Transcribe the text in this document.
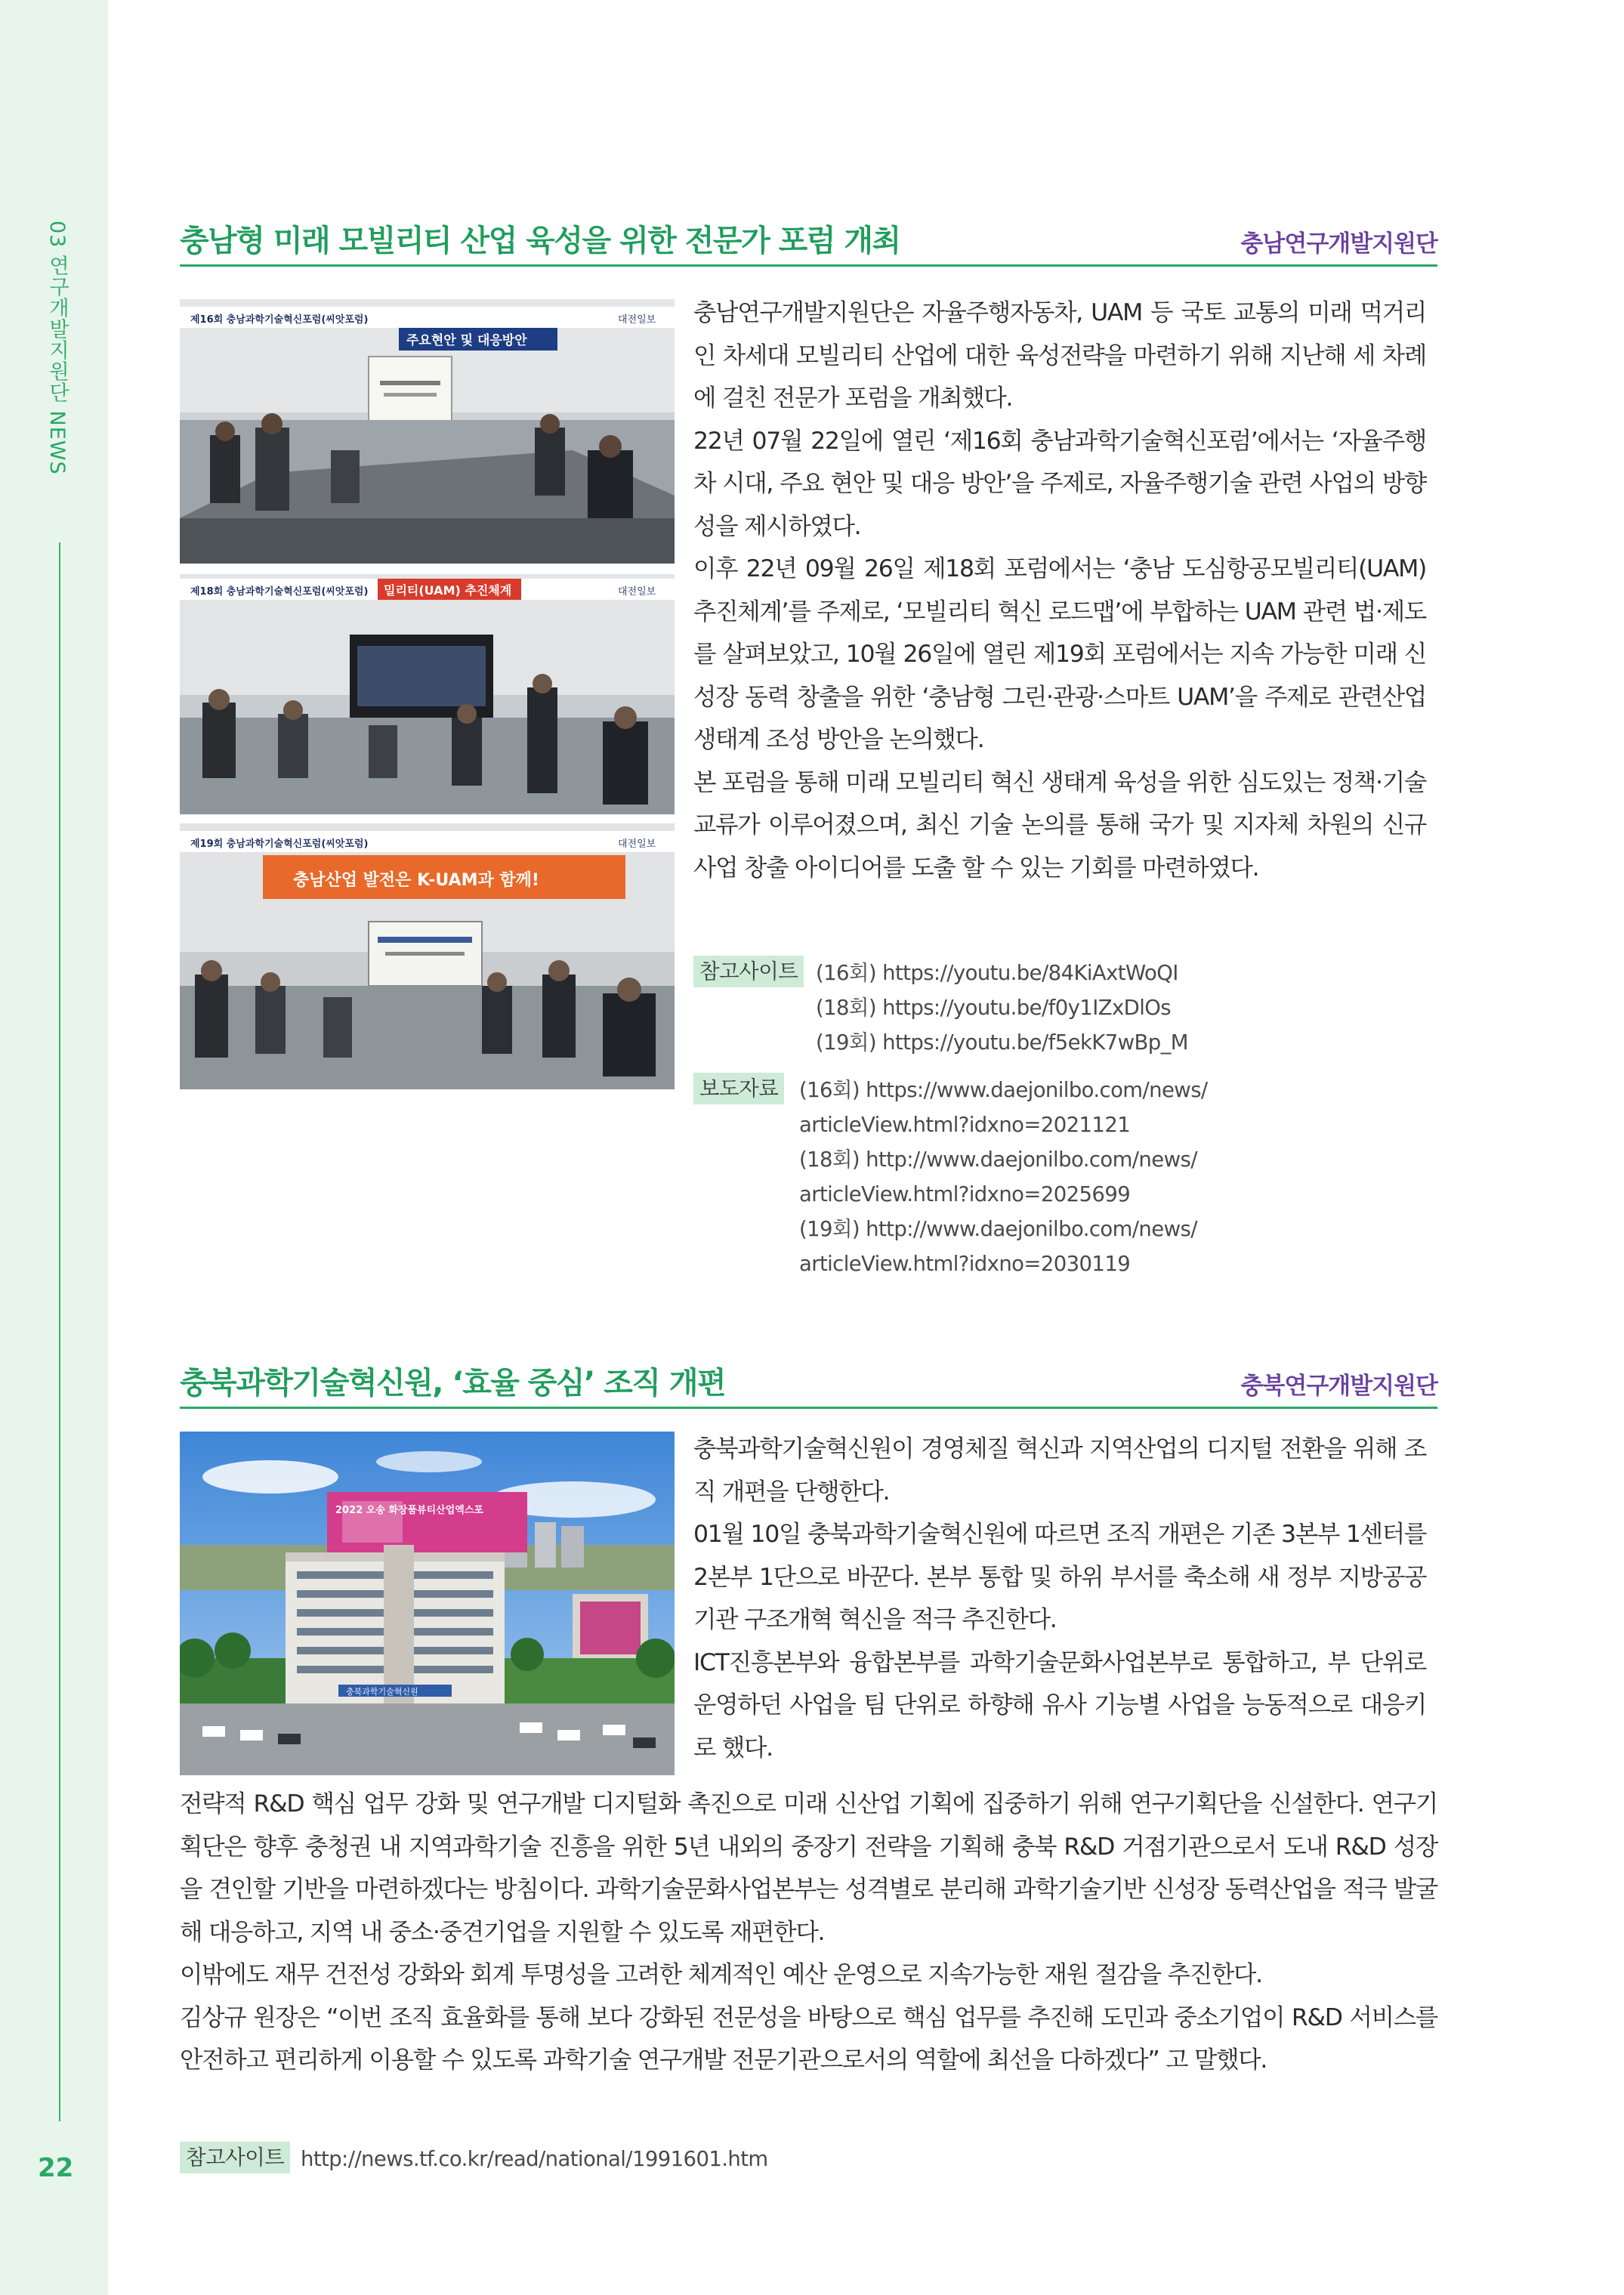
03 연구개발지원단 NEWS
22
충남형 미래 모빌리티 산업 육성을 위한 전문가 포럼 개최	충남연구개발지원단
제16회 충남과학기술혁신포럼(씨앗포럼)
주요현안 및 대응방안
대전일보
제18회 충남과학기술혁신포럼(씨앗포럼) 밀리티(UAM) 추진체계	대전일보
제19회 충남과학기술혁신포럼(씨앗포럼)	대전일보
충남산업 발전은 K-UAM과 함께!

충남연구개발지원단은 자율주행자동차, UAM 등 국토 교통의 미래 먹거리인 차세대 모빌리티 산업에 대한 육성전략을 마련하기 위해 지난해 세 차례에 걸친 전문가 포럼을 개최했다.

22년 07월 22일에 열린 ‘제16회 충남과학기술혁신포럼’에서는 ‘자율주행차 시대, 주요 현안 및 대응 방안’을 주제로, 자율주행기술 관련 사업의 방향성을 제시하였다.

이후 22년 09월 26일 제18회 포럼에서는 ‘충남 도심항공모빌리티(UAM) 추진체계’를 주제로, ‘모빌리티 혁신 로드맵’에 부합하는 UAM 관련 법·제도를 살펴보았고, 10월 26일에 열린 제19회 포럼에서는 지속 가능한 미래 신성장 동력 창출을 위한 ‘충남형 그린·관광·스마트 UAM’을 주제로 관련산업 생태계 조성 방안을 논의했다.

본 포럼을 통해 미래 모빌리티 혁신 생태계 육성을 위한 심도있는 정책·기술 교류가 이루어졌으며, 최신 기술 논의를 통해 국가 및 지자체 차원의 신규 사업 창출 아이디어를 도출 할 수 있는 기회를 마련하였다.

참고사이트 (16회) https://youtu.be/84KiAxtWoQI
(18회) https://youtu.be/f0y1IZxDlOs
(19회) https://youtu.be/f5ekK7wBp_M
보도자료 (16회) https://www.daejonilbo.com/news/
articleView.html?idxno=2021121
(18회) http://www.daejonilbo.com/news/
articleView.html?idxno=2025699
(19회) http://www.daejonilbo.com/news/
articleView.html?idxno=2030119
충북과학기술혁신원, ‘효율 중심’ 조직 개편	충북연구개발지원단
2022 오송 화장품뷰티산업엑스포
충북과학기술혁신원

충북과학기술혁신원이 경영체질 혁신과 지역산업의 디지털 전환을 위해 조직 개편을 단행한다.

01월 10일 충북과학기술혁신원에 따르면 조직 개편은 기존 3본부 1센터를 2본부 1단으로 바꾼다. 본부 통합 및 하위 부서를 축소해 새 정부 지방공공기관 구조개혁 혁신을 적극 추진한다.

ICT진흥본부와 융합본부를 과학기술문화사업본부로 통합하고, 부 단위로 운영하던 사업을 팀 단위로 하향해 유사 기능별 사업을 능동적으로 대응키로 했다.

전략적 R&D 핵심 업무 강화 및 연구개발 디지털화 촉진으로 미래 신산업 기획에 집중하기 위해 연구기획단을 신설한다. 연구기획단은 향후 충청권 내 지역과학기술 진흥을 위한 5년 내외의 중장기 전략을 기획해 충북 R&D 거점기관으로서 도내 R&D 성장을 견인할 기반을 마련하겠다는 방침이다. 과학기술문화사업본부는 성격별로 분리해 과학기술기반 신성장 동력산업을 적극 발굴해 대응하고, 지역 내 중소·중견기업을 지원할 수 있도록 재편한다.

이밖에도 재무 건전성 강화와 회계 투명성을 고려한 체계적인 예산 운영으로 지속가능한 재원 절감을 추진한다.

김상규 원장은 “이번 조직 효율화를 통해 보다 강화된 전문성을 바탕으로 핵심 업무를 추진해 도민과 중소기업이 R&D 서비스를 안전하고 편리하게 이용할 수 있도록 과학기술 연구개발 전문기관으로서의 역할에 최선을 다하겠다” 고 말했다.

참고사이트 http://news.tf.co.kr/read/national/1991601.htm
